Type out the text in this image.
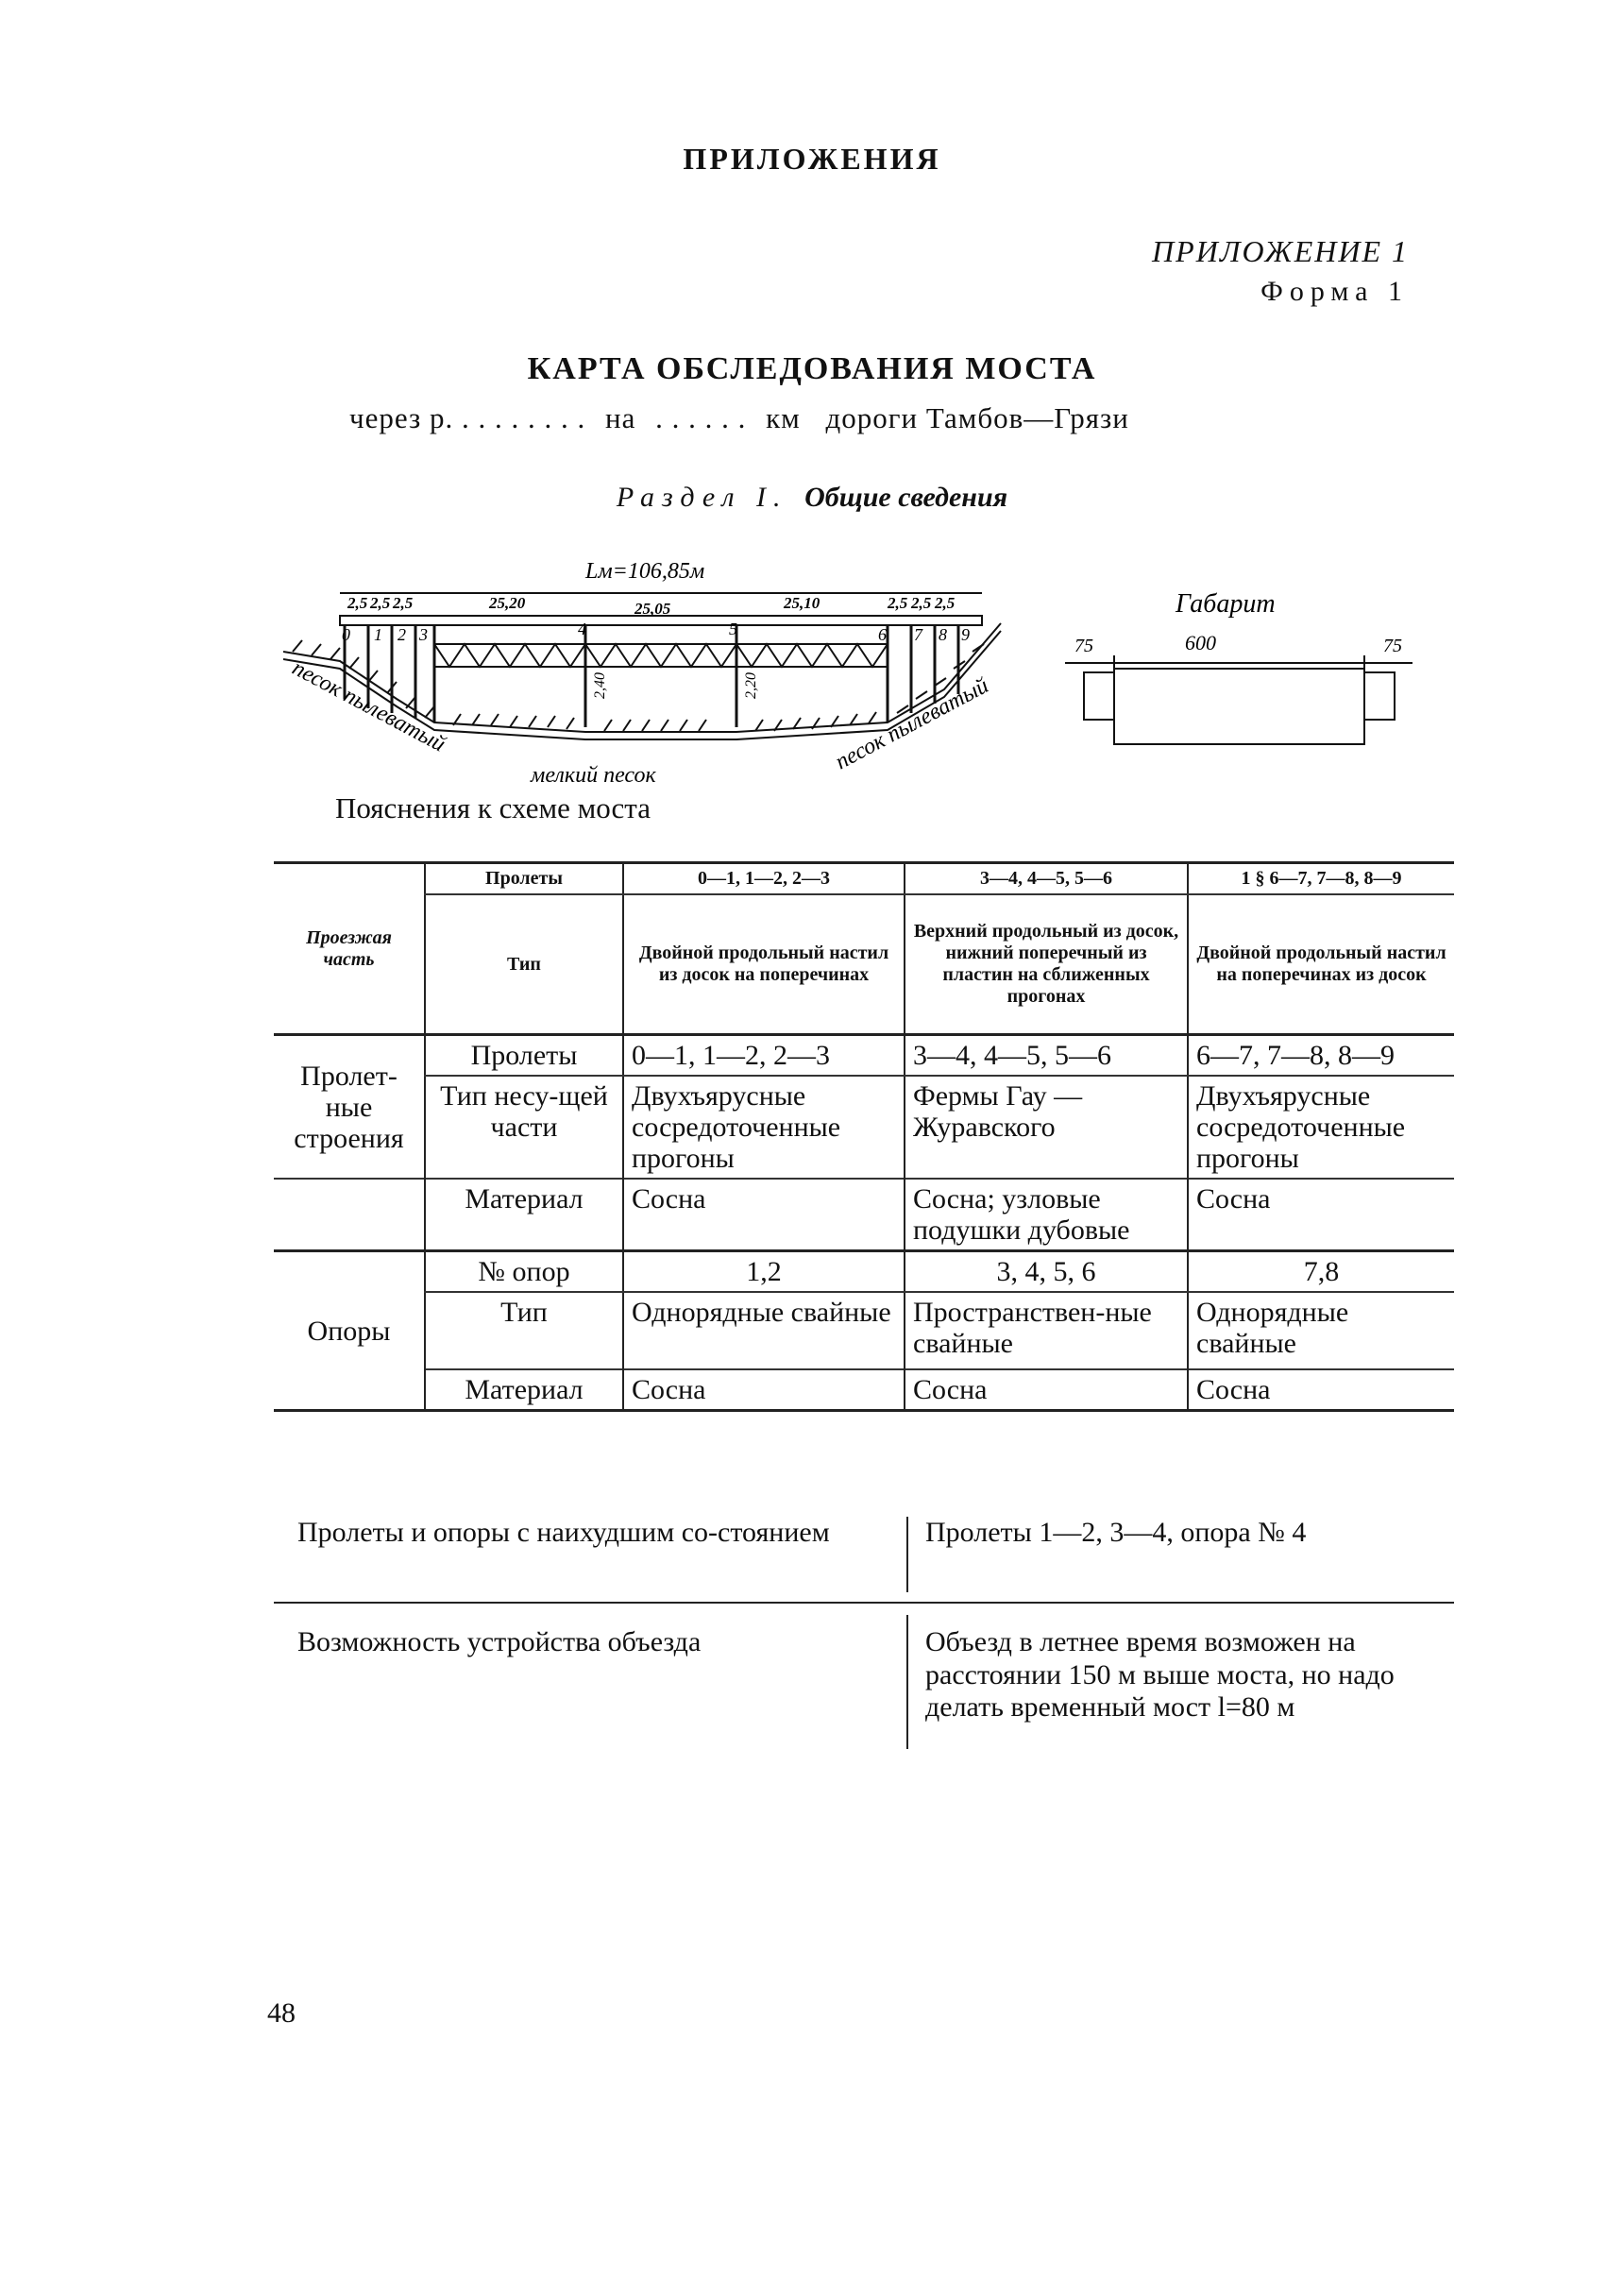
ПРИЛОЖЕНИЯ
ПРИЛОЖЕНИЕ 1
Форма 1
КАРТА ОБСЛЕДОВАНИЯ МОСТА
через р. . . . . . . . . на . . . . . . км дороги Тамбов—Грязи
Раздел I. Общие сведения
Lм=106,85м
2,5 2,5 2,5	25,20	25,05	25,10	2,5 2,5 2,5
0 1 2 3	4	5	6 7 8 9
2,40	2,20
песок пылеватый
мелкий песок
песок пылеватый
Габарит
75	600	75
Пояснения к схеме моста
Проезжая часть	Пролеты	0—1, 1—2, 2—3	3—4, 4—5, 5—6	1 § 6—7, 7—8, 8—9
	Тип	Двойной продольный настил из досок на поперечинах	Верхний продольный из досок, нижний поперечный из пластин на сближенных прогонах	Двойной продольный настил на поперечинах из досок
Пролет-ные строения	Пролеты	0—1, 1—2, 2—3	3—4, 4—5, 5—6	6—7, 7—8, 8—9
	Тип несу-щей части	Двухъярусные сосредоточенные прогоны	Фермы Гау — Журавского	Двухъярусные сосредоточенные прогоны
	Материал	Сосна	Сосна; узловые подушки дубовые	Сосна
Опоры	№ опор	1,2	3, 4, 5, 6	7,8
	Тип	Однорядные свайные	Пространствен-ные свайные	Однорядные свайные
	Материал	Сосна	Сосна	Сосна
Пролеты и опоры с наихудшим со-стоянием	Пролеты 1—2, 3—4, опора № 4
Возможность устройства объезда	Объезд в летнее время возможен на расстоянии 150 м выше моста, но надо делать временный мост l=80 м
48
